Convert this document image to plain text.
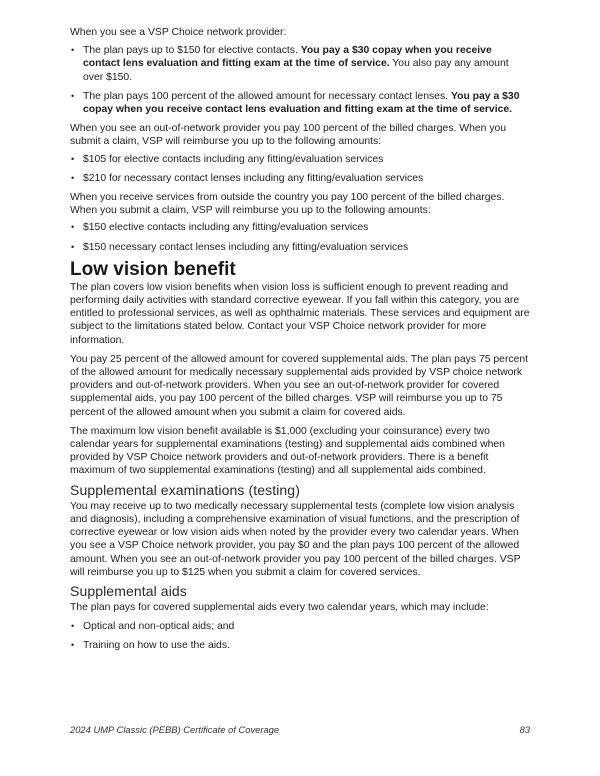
When you see a VSP Choice network provider:

• The plan pays up to $150 for elective contacts. You pay a $30 copay when you receive contact lens evaluation and fitting exam at the time of service. You also pay any amount over $150.
• The plan pays 100 percent of the allowed amount for necessary contact lenses. You pay a $30 copay when you receive contact lens evaluation and fitting exam at the time of service.

When you see an out-of-network provider you pay 100 percent of the billed charges. When you submit a claim, VSP will reimburse you up to the following amounts:

• $105 for elective contacts including any fitting/evaluation services
• $210 for necessary contact lenses including any fitting/evaluation services

When you receive services from outside the country you pay 100 percent of the billed charges. When you submit a claim, VSP will reimburse you up to the following amounts:

• $150 elective contacts including any fitting/evaluation services
• $150 necessary contact lenses including any fitting/evaluation services
Low vision benefit

The plan covers low vision benefits when vision loss is sufficient enough to prevent reading and performing daily activities with standard corrective eyewear. If you fall within this category, you are entitled to professional services, as well as ophthalmic materials. These services and equipment are subject to the limitations stated below. Contact your VSP Choice network provider for more information.

You pay 25 percent of the allowed amount for covered supplemental aids. The plan pays 75 percent of the allowed amount for medically necessary supplemental aids provided by VSP choice network providers and out-of-network providers. When you see an out-of-network provider for covered supplemental aids, you pay 100 percent of the billed charges. VSP will reimburse you up to 75 percent of the allowed amount when you submit a claim for covered aids.

The maximum low vision benefit available is $1,000 (excluding your coinsurance) every two calendar years for supplemental examinations (testing) and supplemental aids combined when provided by VSP Choice network providers and out-of-network providers. There is a benefit maximum of two supplemental examinations (testing) and all supplemental aids combined.

Supplemental examinations (testing)

You may receive up to two medically necessary supplemental tests (complete low vision analysis and diagnosis), including a comprehensive examination of visual functions, and the prescription of corrective eyewear or low vision aids when noted by the provider every two calendar years. When you see a VSP Choice network provider, you pay $0 and the plan pays 100 percent of the allowed amount. When you see an out-of-network provider you pay 100 percent of the billed charges. VSP will reimburse you up to $125 when you submit a claim for covered services.

Supplemental aids

The plan pays for covered supplemental aids every two calendar years, which may include:

• Optical and non-optical aids; and
• Training on how to use the aids.
2024 UMP Classic (PEBB) Certificate of Coverage	83
